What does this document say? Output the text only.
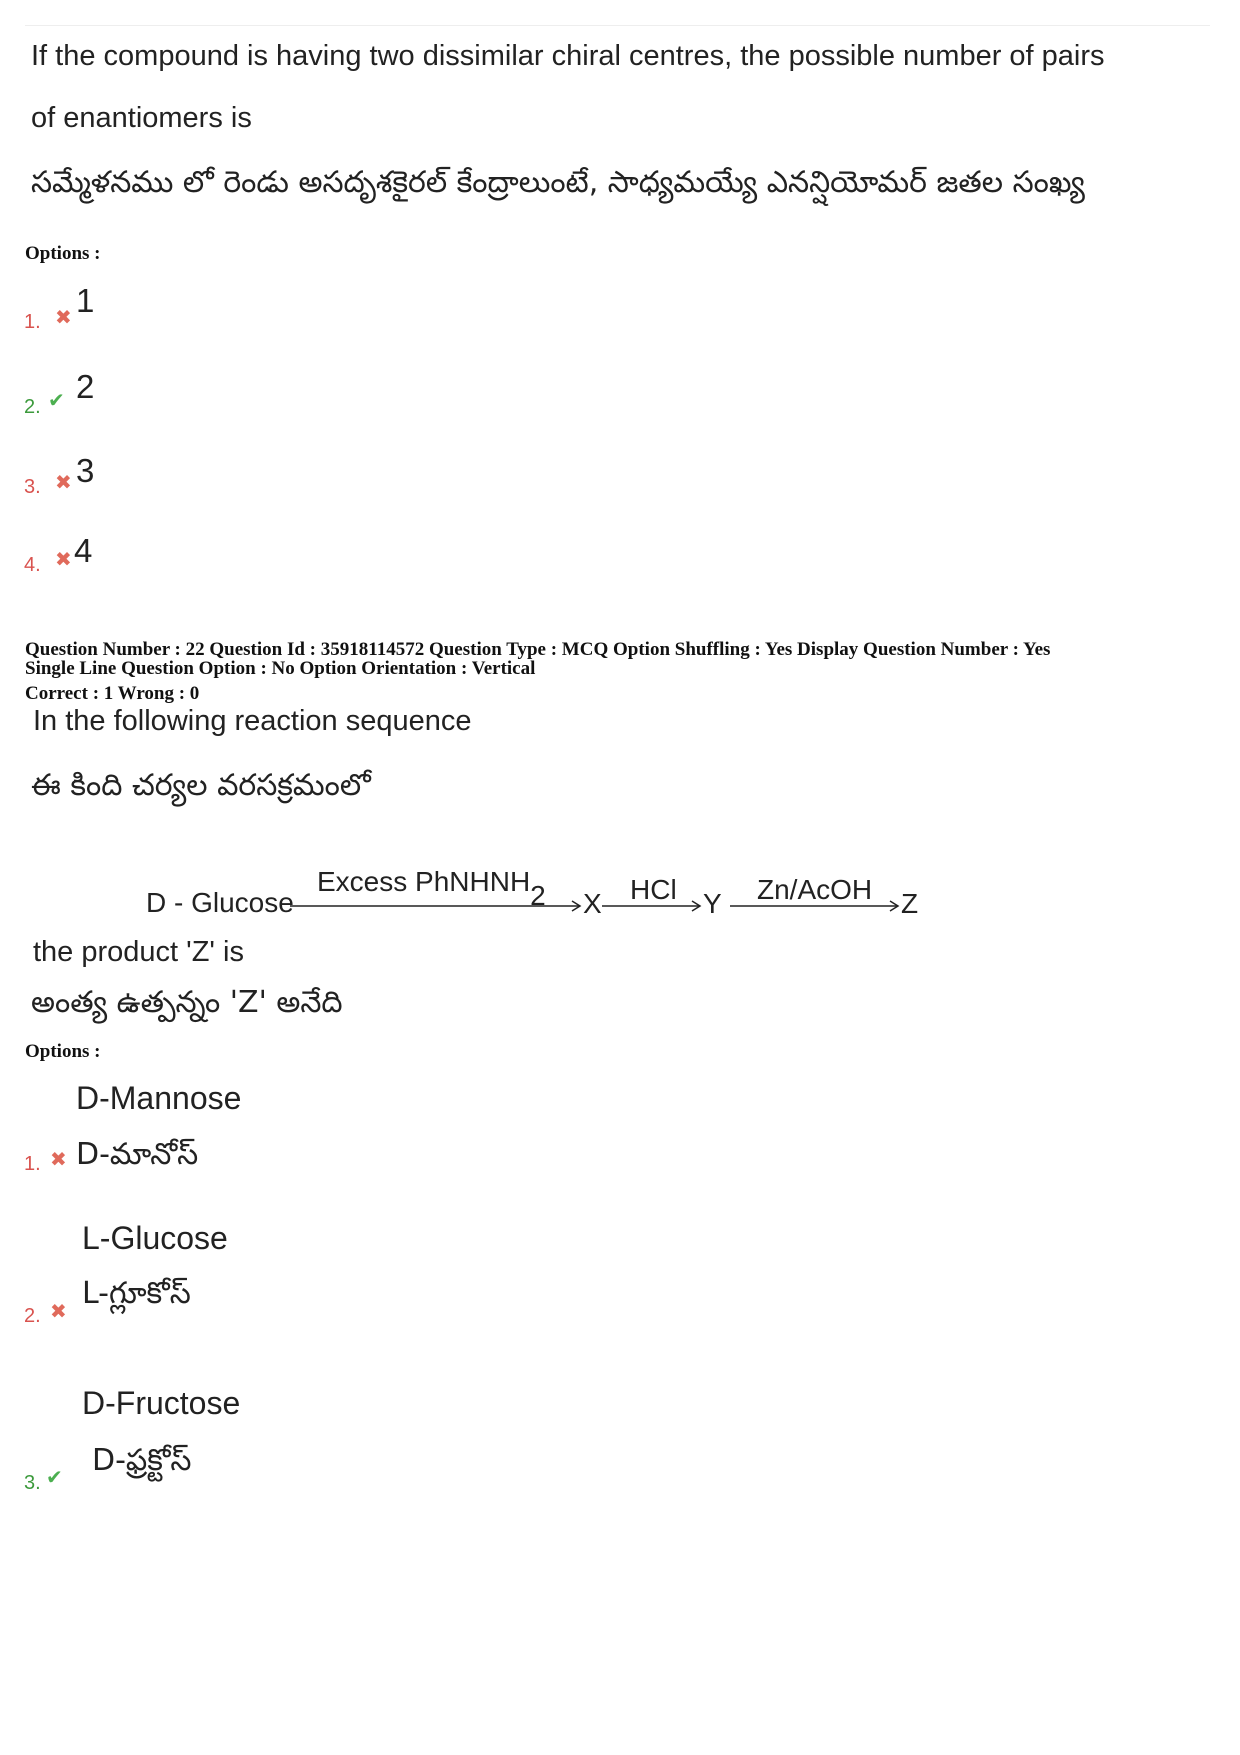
If the compound is having two dissimilar chiral centres, the possible number of pairs
of enantiomers is
సమ్మేళనము లో రెండు అసదృశకైరల్ కేంద్రాలుంటే, సాధ్యమయ్యే ఎనన్షియోమర్ జతల సంఖ్య
Options :
1. ✖ 1
2. ✔ 2
3. ✖ 3
4. ✖ 4
Question Number : 22 Question Id : 35918114572 Question Type : MCQ Option Shuffling : Yes Display Question Number : Yes
Single Line Question Option : No Option Orientation : Vertical
Correct : 1 Wrong : 0
In the following reaction sequence
ఈ కింది చర్యల వరసక్రమంలో
D - Glucose
Excess PhNHNH2 X HCl Y Zn/AcOH Z
the product 'Z' is
అంత్య ఉత్పన్నం 'Z' అనేది
Options :
D-Mannose
1. ✖ D-మానోస్
L-Glucose
2. ✖ L-గ్లూకోస్
D-Fructose
3. ✔ D-ఫ్రక్టోస్
